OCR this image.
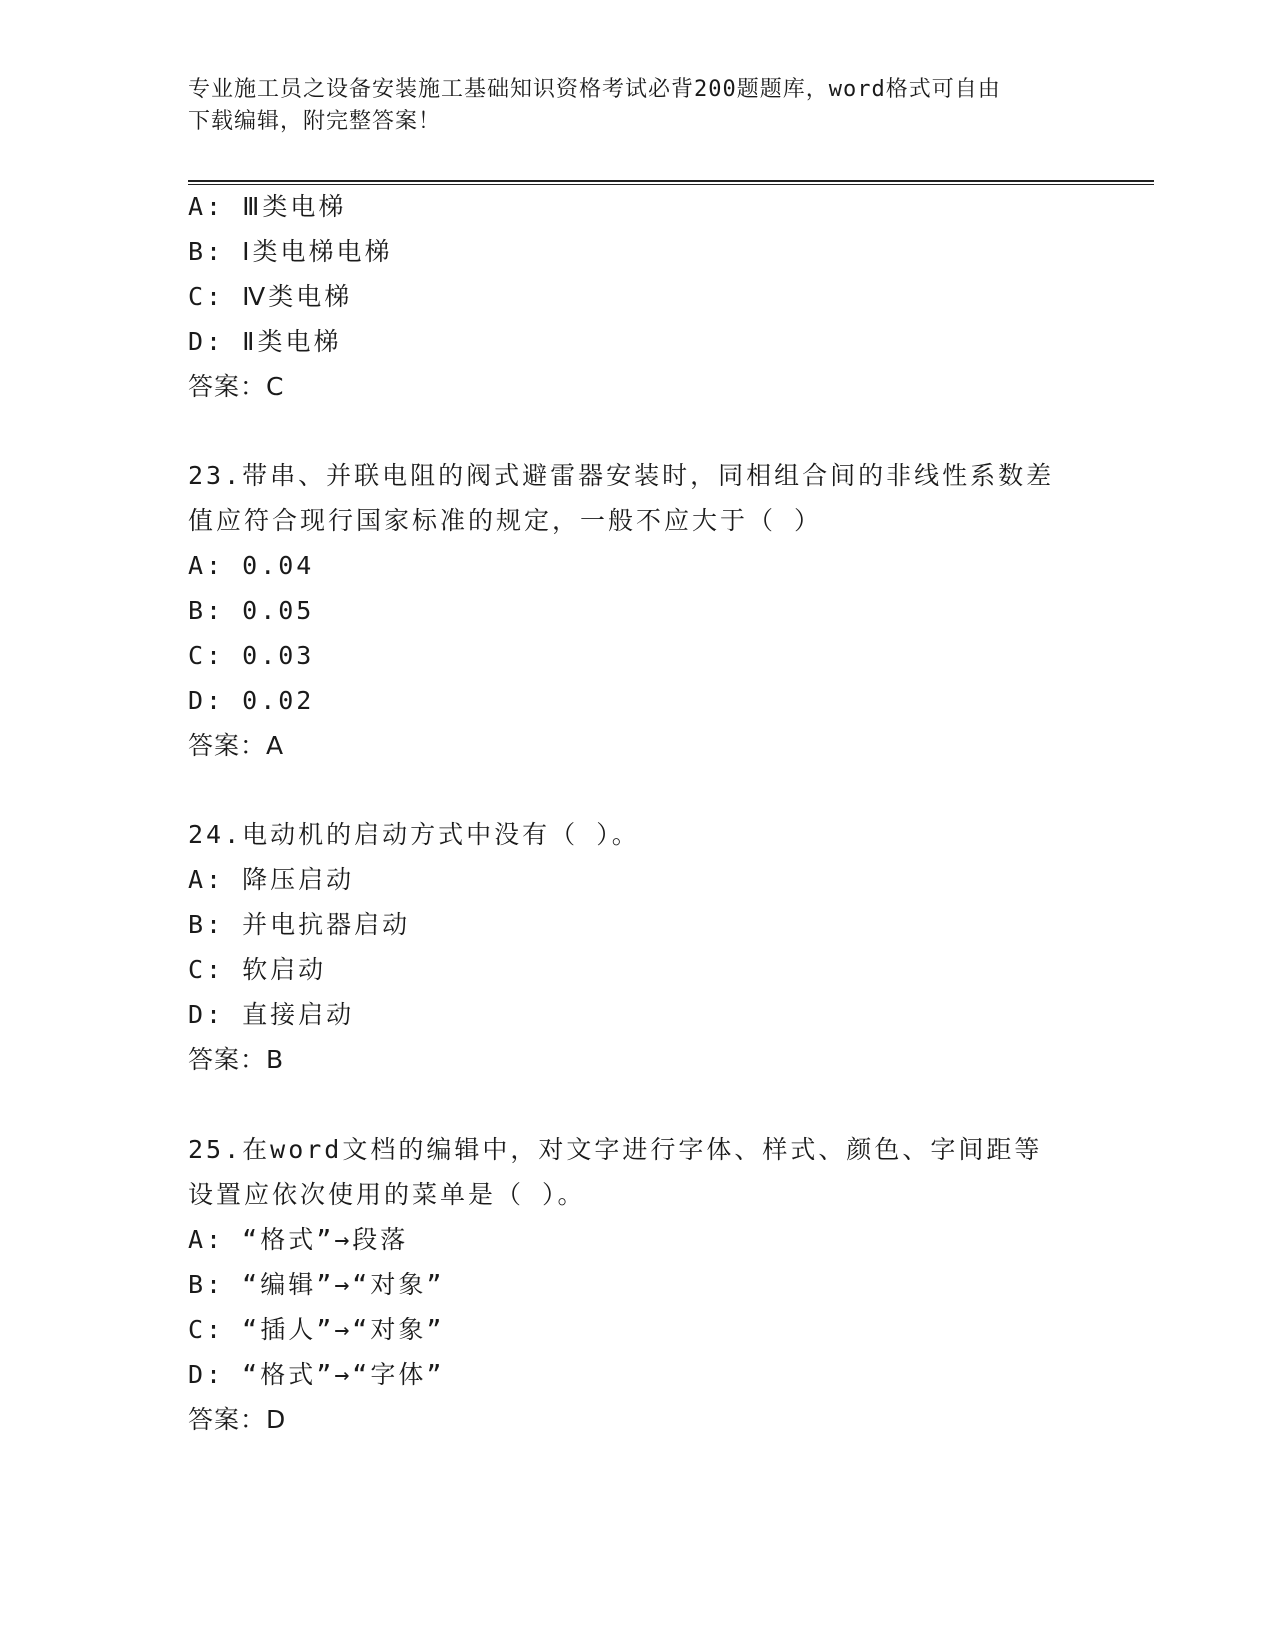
专业施工员之设备安装施工基础知识资格考试必背200题题库，word格式可自由
下载编辑，附完整答案！
A: Ⅲ类电梯
B: Ⅰ类电梯电梯
C: Ⅳ类电梯
D: Ⅱ类电梯
答案：C
23.带串、并联电阻的阀式避雷器安装时，同相组合间的非线性系数差
值应符合现行国家标准的规定，一般不应大于（ ）
A: 0.04
B: 0.05
C: 0.03
D: 0.02
答案：A
24.电动机的启动方式中没有（ ）。
A: 降压启动
B: 并电抗器启动
C: 软启动
D: 直接启动
答案：B
25.在word文档的编辑中，对文字进行字体、样式、颜色、字间距等
设置应依次使用的菜单是（ ）。
A: “格式”→段落
B: “编辑”→“对象”
C: “插人”→“对象”
D: “格式”→“字体”
答案：D
